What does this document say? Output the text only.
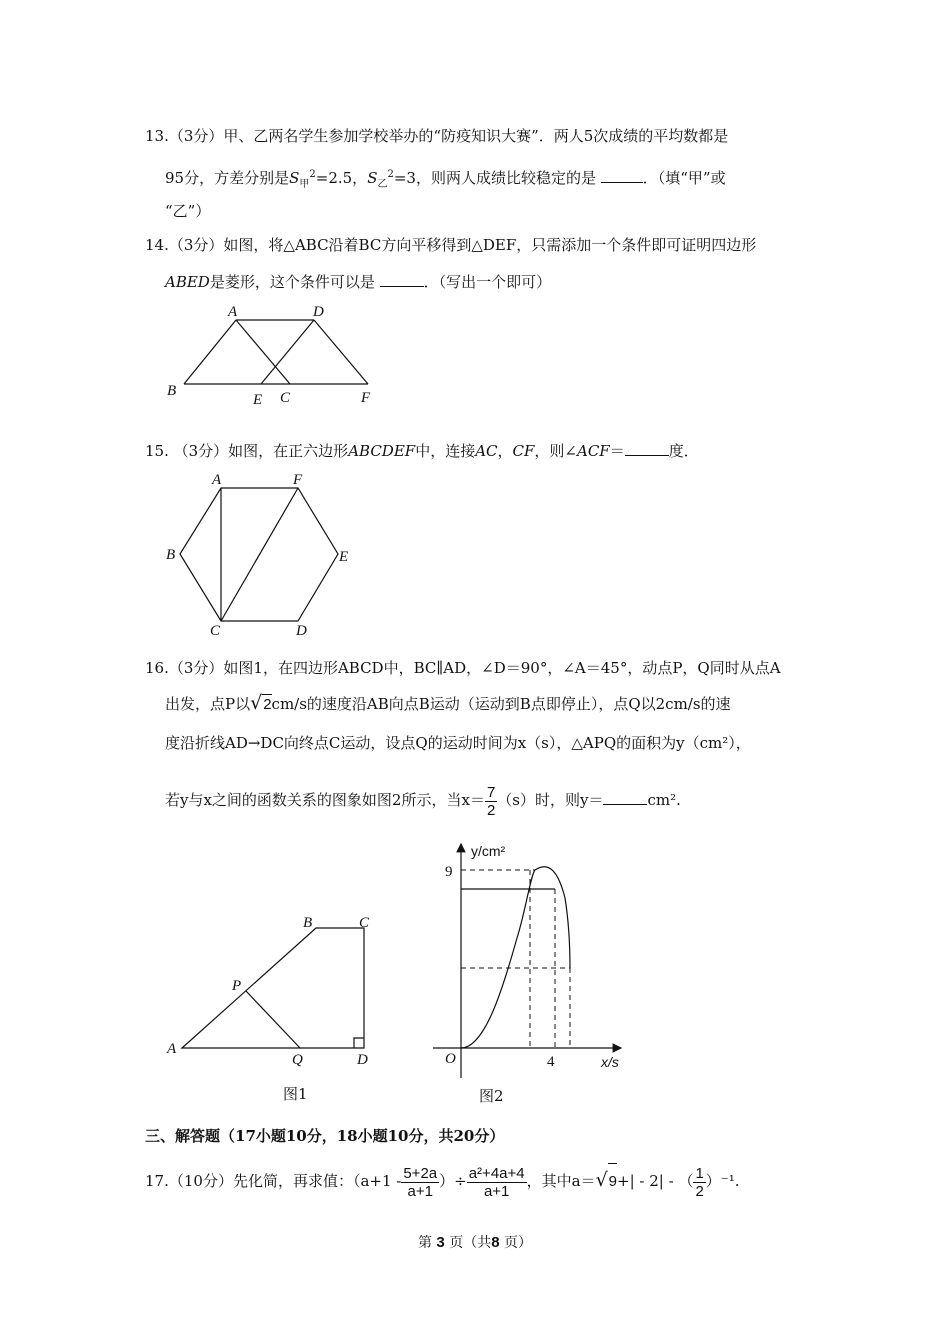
13.（3分）甲、乙两名学生参加学校举办的“防疫知识大赛”．两人5次成绩的平均数都是
95分，方差分别是$S_甲^2=2.5$，$S_乙^2=3$，则两人成绩比较稳定的是	．（填“甲”或
“乙”）
14.（3分）如图，将△ABC沿着BC方向平移得到△DEF，只需添加一个条件即可证明四边形
ABED是菱形，这个条件可以是	．（写出一个即可）
A	D
B
E C	F
15. （3分）如图，在正六边形ABCDEF中，连接AC，CF，则∠ACF＝	度．
A	F
B	E
C	D
16.（3分）如图1，在四边形ABCD中，BC∥AD，∠D＝90°，∠A＝45°，动点P，Q同时从点A
出发，点P以√2cm/s的速度沿AB向点B运动（运动到B点即停止），点Q以2cm/s的速
度沿折线AD→DC向终点C运动，设点Q的运动时间为x（s），△APQ的面积为y（cm²），
若y与x之间的函数关系的图象如图2所示，当$x= \frac{7}{2} (s)$时，则y＝	cm².
A
B	C
D
P
Q
图1
y/cm²
x/s
O
9
4
图2
三、解答题（17小题10分，18小题10分，共20分）
17.（10分）先化简，再求值：（$a+1 - \frac{5+2a}{a+1}$ ）÷ $\frac{\text{a²+4a+4}}{a+1}$ ，其中a＝√9+| - 2| - （ $\frac{1}{2} )^{-1}$.
第 3 页（共8 页）
